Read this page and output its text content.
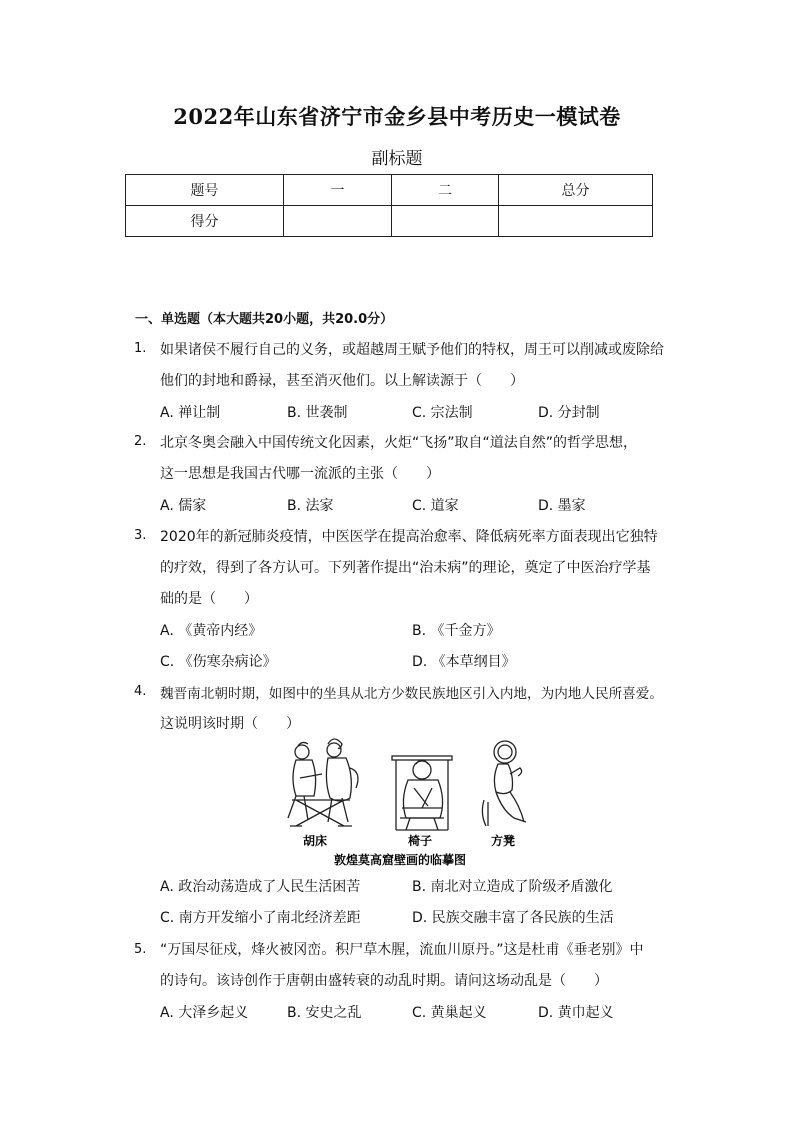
2022年山东省济宁市金乡县中考历史一模试卷
副标题
题号	一	二	总分
得分			
一、单选题（本大题共20小题，共20.0分）
1. 如果诸侯不履行自己的义务，或超越周王赋予他们的特权，周王可以削减或废除给
他们的封地和爵禄，甚至消灭他们。以上解读源于（　　）
A. 禅让制	B. 世袭制	C. 宗法制	D. 分封制
2. 北京冬奥会融入中国传统文化因素，火炬“飞扬”取自“道法自然”的哲学思想，
这一思想是我国古代哪一流派的主张（　　）
A. 儒家	B. 法家	C. 道家	D. 墨家
3. 2020年的新冠肺炎疫情，中医医学在提高治愈率、降低病死率方面表现出它独特
的疗效，得到了各方认可。下列著作提出“治未病”的理论，奠定了中医治疗学基
础的是（　　）
A. 《黄帝内经》	B. 《千金方》
C. 《伤寒杂病论》	D. 《本草纲目》
4. 魏晋南北朝时期，如图中的坐具从北方少数民族地区引入内地，为内地人民所喜爱。
这说明该时期（　　）
胡床	椅子	方凳
敦煌莫高窟壁画的临摹图
A. 政治动荡造成了人民生活困苦	B. 南北对立造成了阶级矛盾激化
C. 南方开发缩小了南北经济差距	D. 民族交融丰富了各民族的生活
5. “万国尽征戍，烽火被冈峦。积尸草木腥，流血川原丹。”这是杜甫《垂老别》中
的诗句。该诗创作于唐朝由盛转衰的动乱时期。请问这场动乱是（　　）
A. 大泽乡起义	B. 安史之乱	C. 黄巢起义	D. 黄巾起义
